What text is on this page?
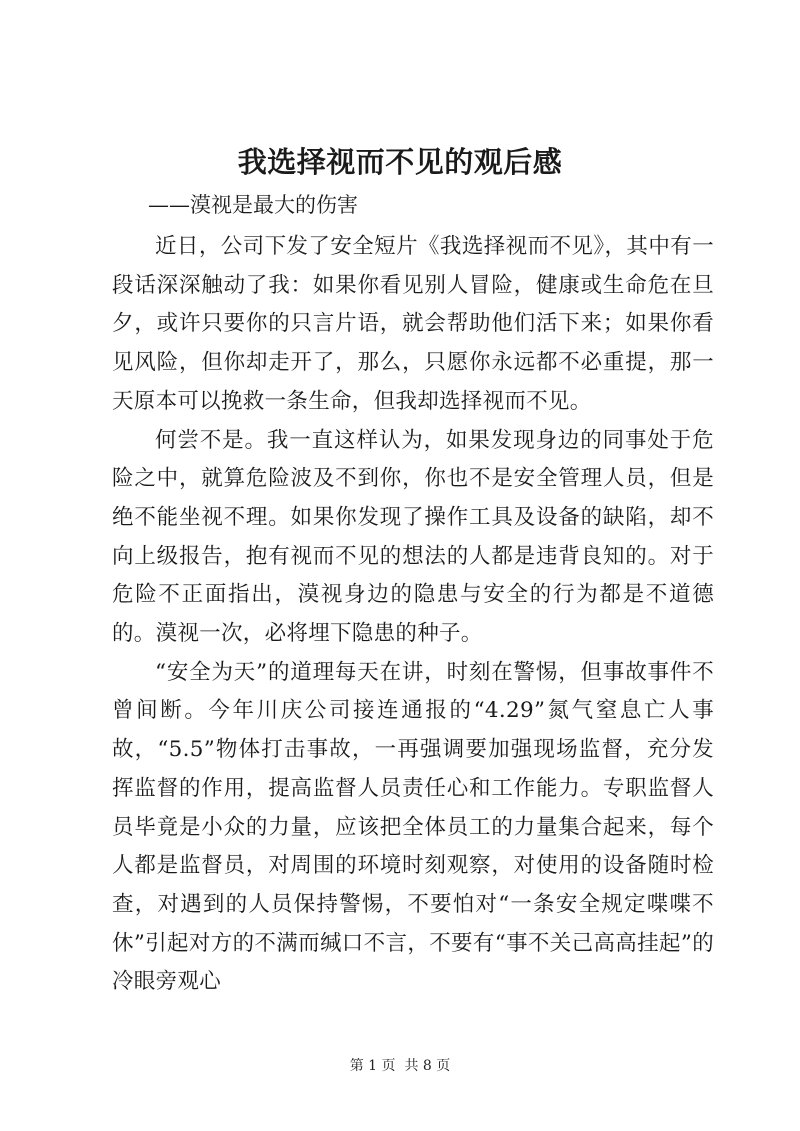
我选择视而不见的观后感
——漠视是最大的伤害

近日，公司下发了安全短片《我选择视而不见》，其中有一段话深深触动了我：如果你看见别人冒险，健康或生命危在旦夕，或许只要你的只言片语，就会帮助他们活下来；如果你看见风险，但你却走开了，那么，只愿你永远都不必重提，那一天原本可以挽救一条生命，但我却选择视而不见。

何尝不是。我一直这样认为，如果发现身边的同事处于危险之中，就算危险波及不到你，你也不是安全管理人员，但是绝不能坐视不理。如果你发现了操作工具及设备的缺陷，却不向上级报告，抱有视而不见的想法的人都是违背良知的。对于危险不正面指出，漠视身边的隐患与安全的行为都是不道德的。漠视一次，必将埋下隐患的种子。

“安全为天”的道理每天在讲，时刻在警惕，但事故事件不曾间断。今年川庆公司接连通报的“4.29”氮气窒息亡人事故，“5.5”物体打击事故，一再强调要加强现场监督，充分发挥监督的作用，提高监督人员责任心和工作能力。专职监督人员毕竟是小众的力量，应该把全体员工的力量集合起来，每个人都是监督员，对周围的环境时刻观察，对使用的设备随时检查，对遇到的人员保持警惕，不要怕对“一条安全规定喋喋不休”引起对方的不满而缄口不言，不要有“事不关己高高挂起”的冷眼旁观心

第 1 页  共 8 页
